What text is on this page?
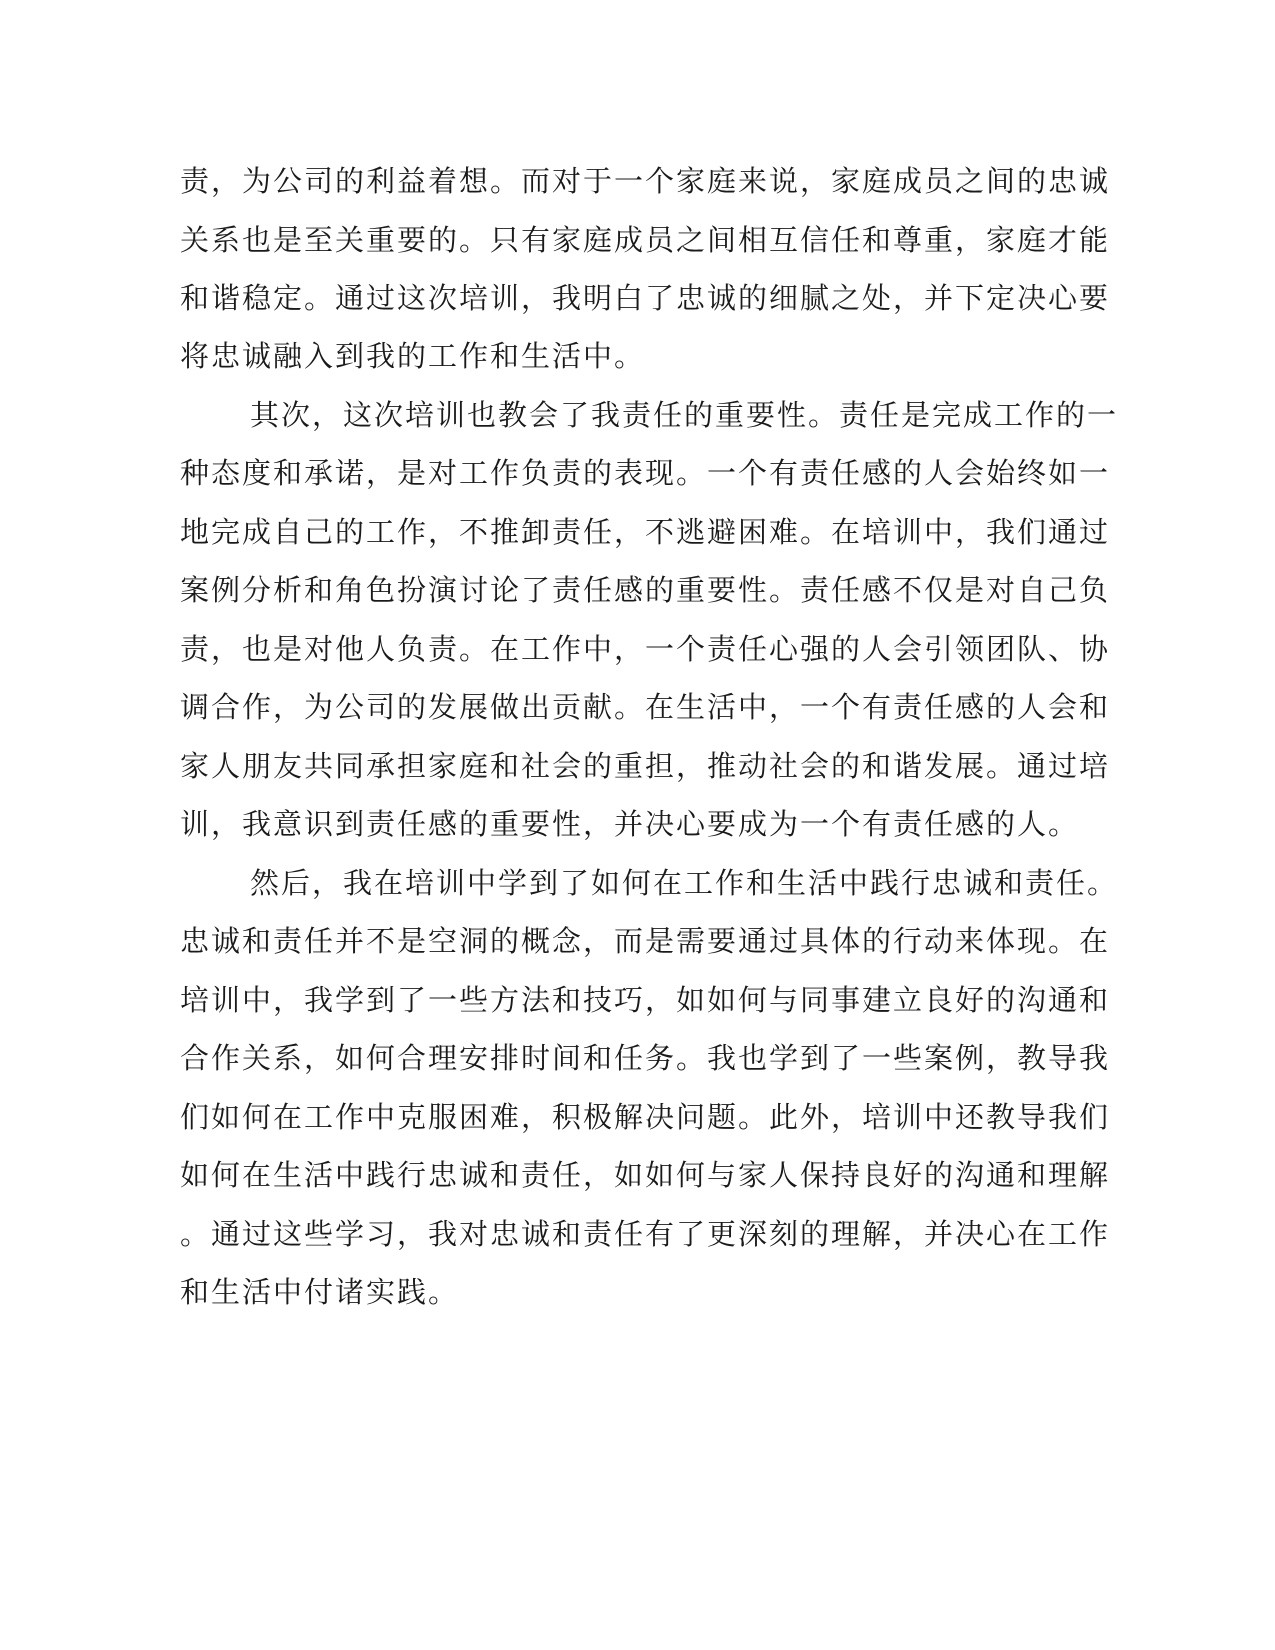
责，为公司的利益着想。而对于一个家庭来说，家庭成员之间的忠诚
关系也是至关重要的。只有家庭成员之间相互信任和尊重，家庭才能
和谐稳定。通过这次培训，我明白了忠诚的细腻之处，并下定决心要
将忠诚融入到我的工作和生活中。
其次，这次培训也教会了我责任的重要性。责任是完成工作的一
种态度和承诺，是对工作负责的表现。一个有责任感的人会始终如一
地完成自己的工作，不推卸责任，不逃避困难。在培训中，我们通过
案例分析和角色扮演讨论了责任感的重要性。责任感不仅是对自己负
责，也是对他人负责。在工作中，一个责任心强的人会引领团队、协
调合作，为公司的发展做出贡献。在生活中，一个有责任感的人会和
家人朋友共同承担家庭和社会的重担，推动社会的和谐发展。通过培
训，我意识到责任感的重要性，并决心要成为一个有责任感的人。
然后，我在培训中学到了如何在工作和生活中践行忠诚和责任。
忠诚和责任并不是空洞的概念，而是需要通过具体的行动来体现。在
培训中，我学到了一些方法和技巧，如如何与同事建立良好的沟通和
合作关系，如何合理安排时间和任务。我也学到了一些案例，教导我
们如何在工作中克服困难，积极解决问题。此外，培训中还教导我们
如何在生活中践行忠诚和责任，如如何与家人保持良好的沟通和理解
。通过这些学习，我对忠诚和责任有了更深刻的理解，并决心在工作
和生活中付诸实践。
